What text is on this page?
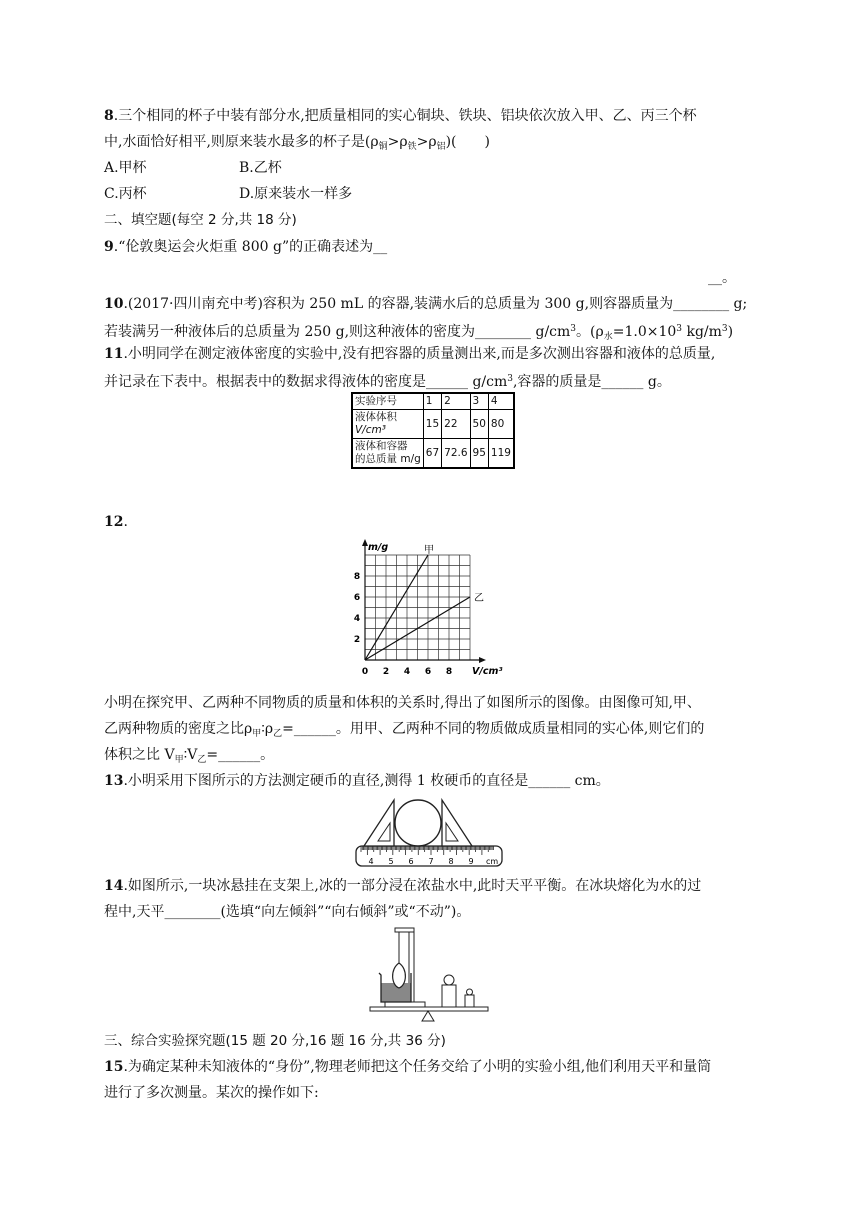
8.三个相同的杯子中装有部分水,把质量相同的实心铜块、铁块、铝块依次放入甲、乙、丙三个杯
中,水面恰好相平,则原来装水最多的杯子是$(\rho_铜>\rho_铁>\rho_铝)$(　　)
A.甲杯	B.乙杯
C.丙杯	D.原来装水一样多
二、填空题(每空 2 分,共 18 分)
9.“伦敦奥运会火炬重 800 g”的正确表述为__
__。
10.(2017·四川南充中考)容积为 250 mL 的容器,装满水后的总质量为 300 g,则容器质量为________ g;
若装满另一种液体后的总质量为 250 g,则这种液体的密度为________ $g/cm^3$。($\rho_水=1.0\times 10^3$ $kg/m^3$)
11.小明同学在测定液体密度的实验中,没有把容器的质量测出来,而是多次测出容器和液体的总质量,
并记录在下表中。根据表中的数据求得液体的密度是______ $g/cm^3$,容器的质量是______ g。
实验序号	1	2	3	4

液体体积
V/cm³	15	22	50	80

液体和容器
的总质量 m/g	67	72.6	95	119
12.
0 2 4 6 8
2
4
6
8
m/g
V/cm³
甲
乙
小明在探究甲、乙两种不同物质的质量和体积的关系时,得出了如图所示的图像。由图像可知,甲、
乙两种物质的密度之比$\rho_甲∶\rho_乙=\_\_\_\_\_\_$。用甲、乙两种不同的物质做成质量相同的实心体,则它们的
体积之比 $V_甲∶V_乙=\_\_\_\_\_\_$。
13.小明采用下图所示的方法测定硬币的直径,测得 1 枚硬币的直径是______ cm。
4 5 6 7 8 9 cm
14.如图所示,一块冰悬挂在支架上,冰的一部分浸在浓盐水中,此时天平平衡。在冰块熔化为水的过
程中,天平________(选填“向左倾斜”“向右倾斜”或“不动”)。
三、综合实验探究题(15 题 20 分,16 题 16 分,共 36 分)
15.为确定某种未知液体的“身份”,物理老师把这个任务交给了小明的实验小组,他们利用天平和量筒
进行了多次测量。某次的操作如下:
